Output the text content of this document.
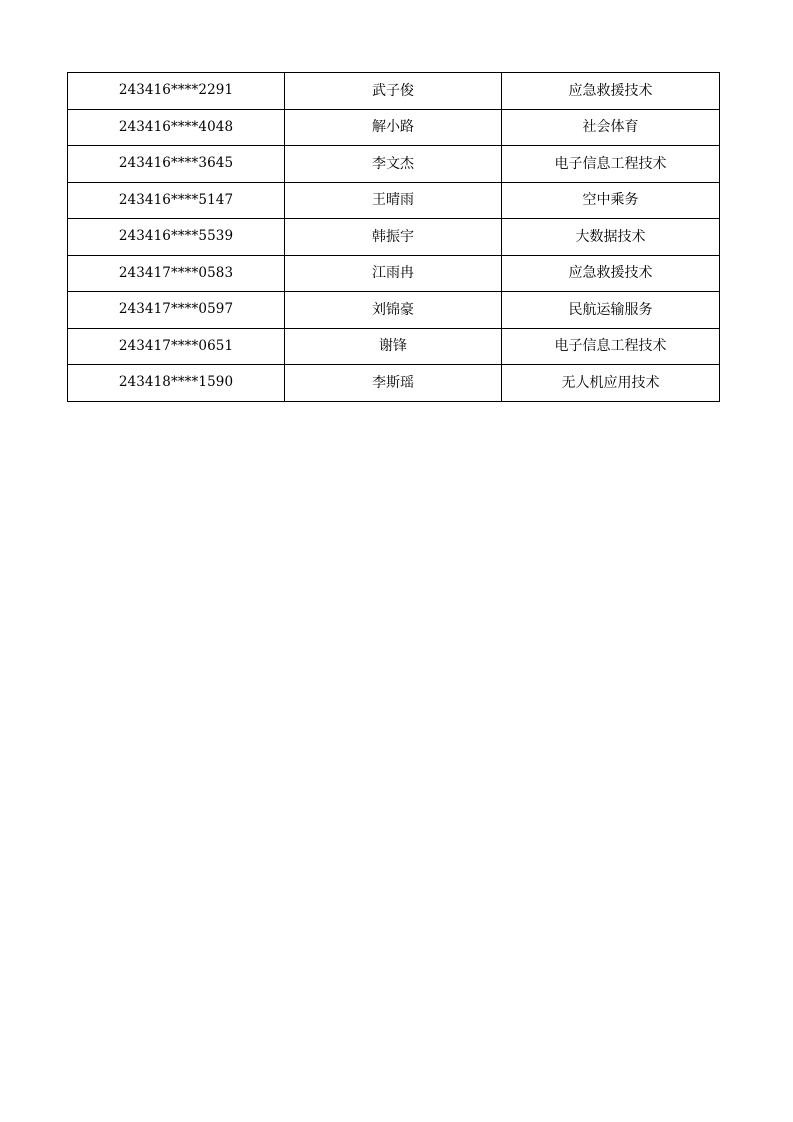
243416****2291	武子俊	应急救援技术
243416****4048	解小路	社会体育
243416****3645	李文杰	电子信息工程技术
243416****5147	王晴雨	空中乘务
243416****5539	韩振宇	大数据技术
243417****0583	江雨冉	应急救援技术
243417****0597	刘锦豪	民航运输服务
243417****0651	谢锋	电子信息工程技术
243418****1590	李斯瑶	无人机应用技术
